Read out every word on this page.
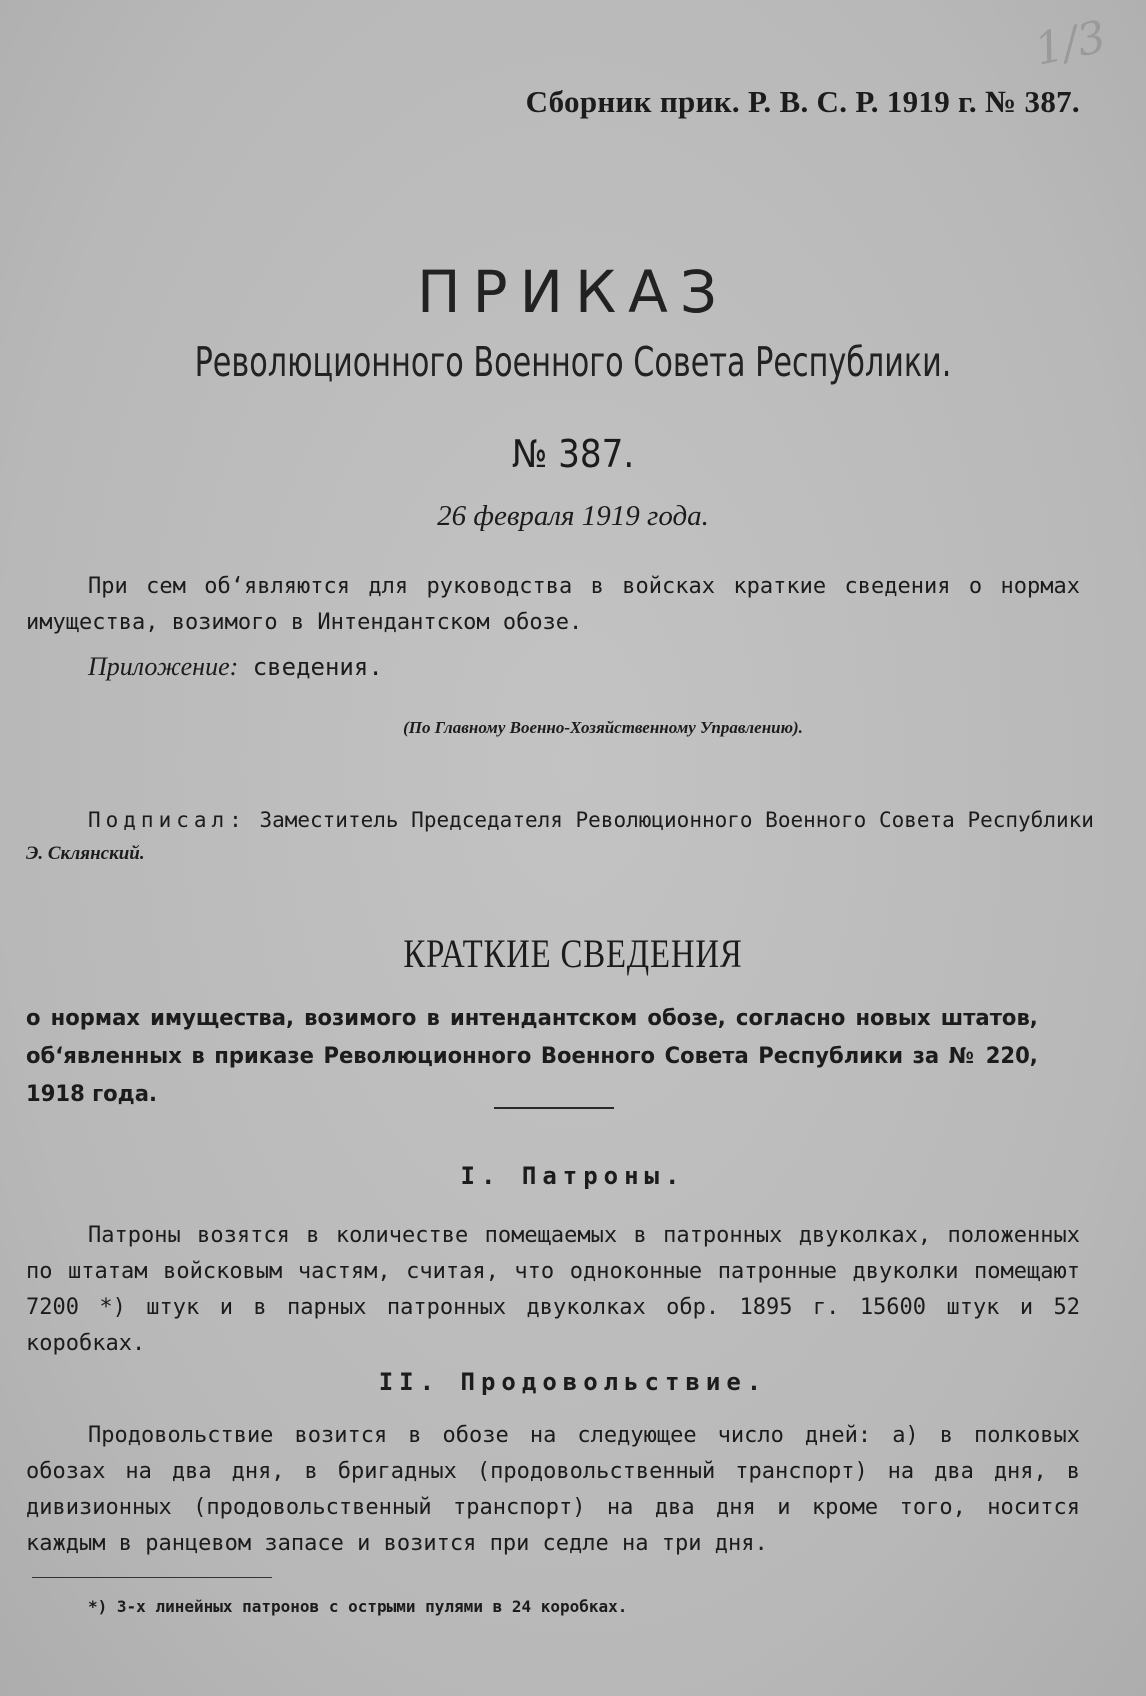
1/3
Сборник прик. Р. В. С. Р. 1919 г. № 387.
ПРИКАЗ
Революционного Военного Совета Республики.
№ 387.
26 февраля 1919 года.
При сем об‘являются для руководства в войсках краткие сведения о нормах имущества, возимого в Интендантском обозе.
Приложение: сведения.
(По Главному Военно-Хозяйственному Управлению).
Подписал: Заместитель Председателя Революционного Военного Совета Республики
Э. Склянский.
КРАТКИЕ СВЕДЕНИЯ
о нормах имущества, возимого в интендантском обозе, согласно новых штатов, об‘явленных в приказе Революционного Военного Совета Республики за № 220, 1918 года.
I. Патроны.
Патроны возятся в количестве помещаемых в патронных двуколках, положенных по штатам войсковым частям, считая, что одноконные патронные двуколки помещают 7200 *) штук и в парных патронных двуколках обр. 1895 г. 15600 штук и 52 коробках.
II. Продовольствие.
Продовольствие возится в обозе на следующее число дней: а) в полковых обозах на два дня, в бригадных (продовольственный транспорт) на два дня, в дивизионных (продовольственный транспорт) на два дня и кроме того, носится каждым в ранцевом запасе и возится при седле на три дня.
*) 3-х линейных патронов с острыми пулями в 24 коробках.
